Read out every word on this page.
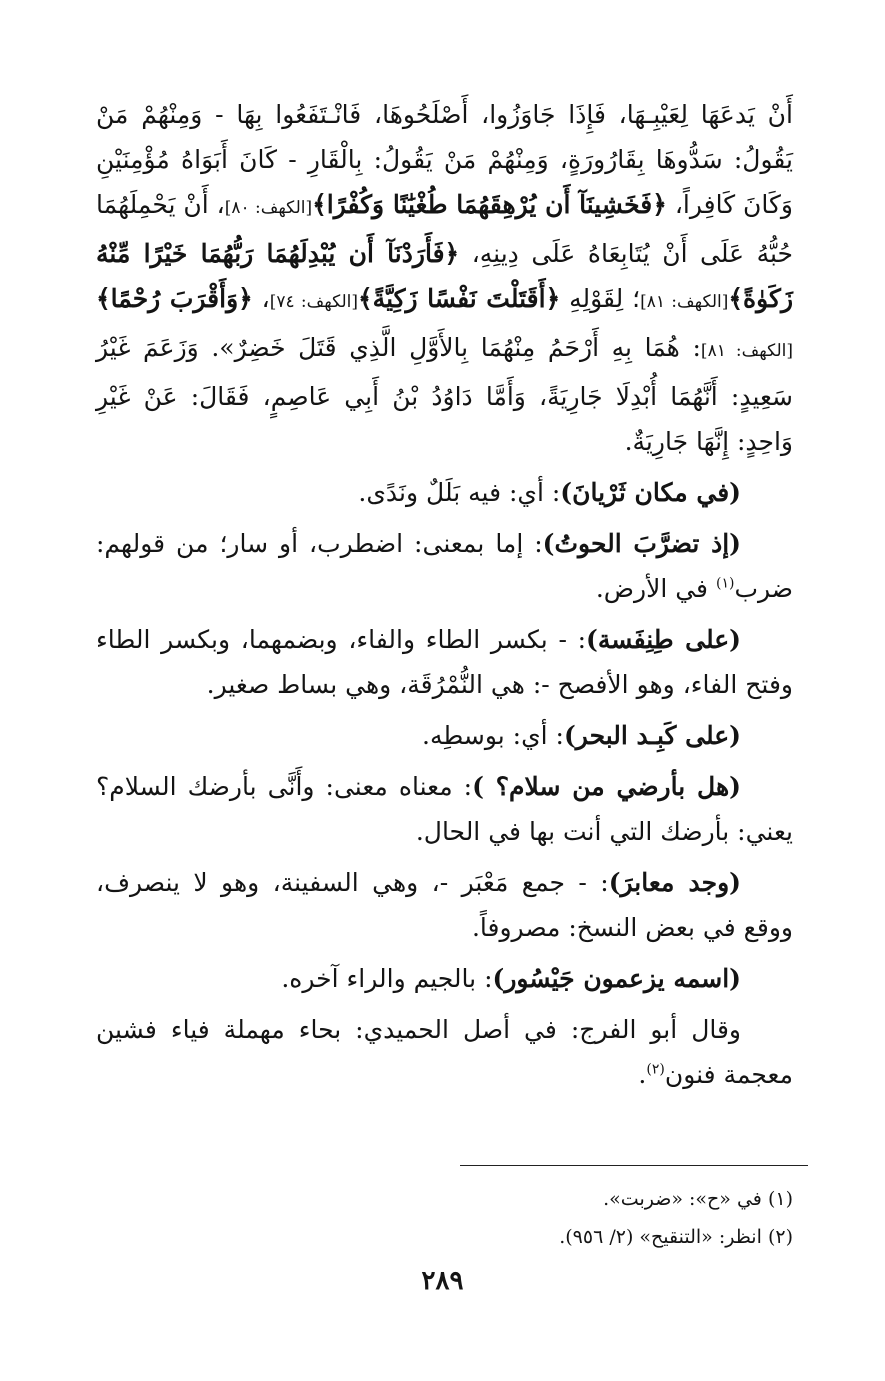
أَنْ يَدعَهَا لِعَيْبِـهَا، فَإِذَا جَاوَزُوا، أَصْلَحُوهَا، فَانْـتَفَعُوا بِهَا - وَمِنْهُمْ مَنْ يَقُولُ: سَدُّوهَا بِقَارُورَةٍ، وَمِنْهُمْ مَنْ يَقُولُ: بِالْقَارِ - كَانَ أَبَوَاهُ مُؤْمِنَيْنِ وَكَانَ كَافِراً، ﴿فَخَشِينَآ أَن يُرْهِقَهُمَا طُغْيَٰنًا وَكُفْرًا﴾[الكهف: ٨٠]، أَنْ يَحْمِلَهُمَا حُبُّهُ عَلَى أَنْ يُتَابِعَاهُ عَلَى دِينِهِ، ﴿فَأَرَدْنَآ أَن يُبْدِلَهُمَا رَبُّهُمَا خَيْرًا مِّنْهُ زَكَوٰةً﴾[الكهف: ٨١]؛ لِقَوْلِهِ ﴿أَقَتَلْتَ نَفْسًا زَكِيَّةً﴾[الكهف: ٧٤]، ﴿وَأَقْرَبَ رُحْمًا﴾[الكهف: ٨١]: هُمَا بِهِ أَرْحَمُ مِنْهُمَا بِالأَوَّلِ الَّذِي قَتَلَ خَضِرٌ». وَزَعَمَ غَيْرُ سَعِيدٍ: أَنَّهُمَا أُبْدِلَا جَارِيَةً، وَأَمَّا دَاوُدُ بْنُ أَبِي عَاصِمٍ، فَقَالَ: عَنْ غَيْرِ وَاحِدٍ: إِنَّهَا جَارِيَةٌ.

(في مكان ثَرْيانَ): أي: فيه بَلَلٌ ونَدًى.

(إذ تضرَّبَ الحوتُ): إما بمعنى: اضطرب، أو سار؛ من قولهم: ضرب$^{(١)}$ في الأرض.

(على طِنِفَسة): - بكسر الطاء والفاء، وبضمهما، وبكسر الطاء وفتح الفاء، وهو الأفصح -: هي النُّمْرُقَة، وهي بساط صغير.

(على كَبِـد البحر): أي: بوسطِه.

(هل بأرضي من سلام؟ ): معناه معنى: وأَنَّى بأرضك السلام؟ يعني: بأرضك التي أنت بها في الحال.

(وجد معابرَ): - جمع مَعْبَر -، وهي السفينة، وهو لا ينصرف، ووقع في بعض النسخ: مصروفاً.

(اسمه يزعمون جَيْسُور): بالجيم والراء آخره.

وقال أبو الفرج: في أصل الحميدي: بحاء مهملة فياء فشين معجمة فنون$^{(٢)}$.

(١) في «ح»: «ضربت».

(٢) انظر: «التنقيح» (٢/ ٩٥٦).

٢٨٩
